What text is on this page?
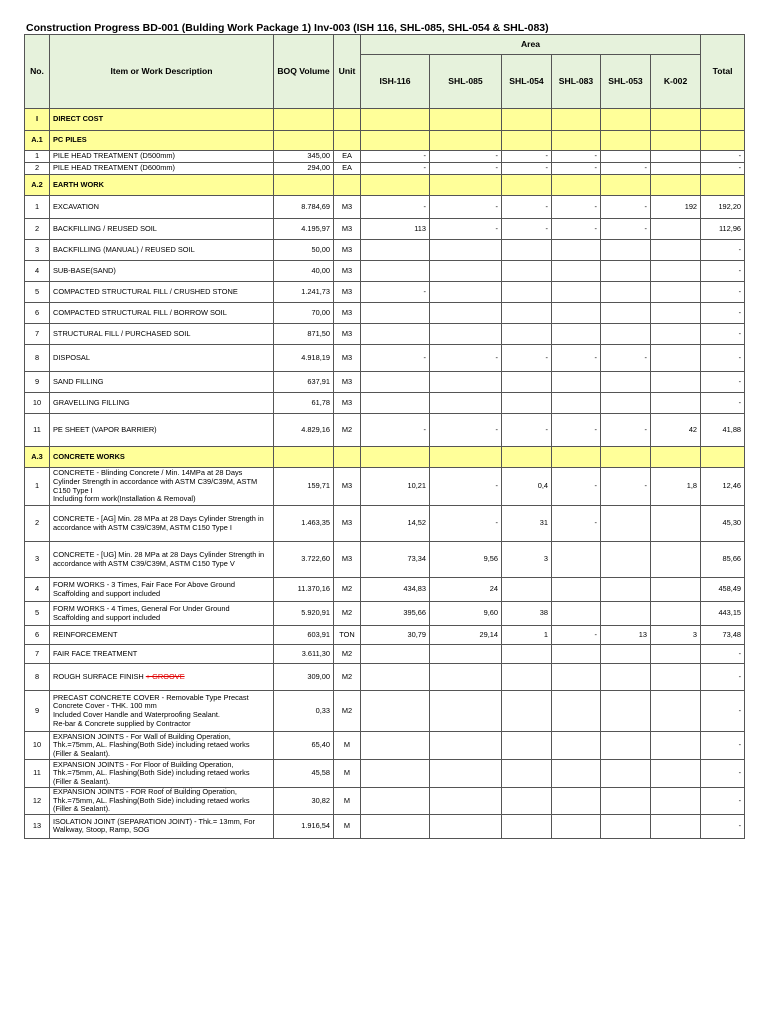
Construction Progress BD-001 (Bulding Work Package 1) Inv-003 (ISH 116, SHL-085, SHL-054 & SHL-083)
No.	Item or Work Description	BOQ Volume	Unit	Area						Total
				ISH-116	SHL-085	SHL-054	SHL-083	SHL-053	K-002	
I	DIRECT COST									
A.1	PC PILES									
1	PILE HEAD TREATMENT (D500mm)	345,00	EA	-	-	-	-			-
2	PILE HEAD TREATMENT (D600mm)	294,00	EA	-	-	-	-	-		-
A.2	EARTH WORK									
1	EXCAVATION	8.784,69	M3	-	-	-	-	-	192	192,20
2	BACKFILLING / REUSED SOIL	4.195,97	M3	113	-	-	-	-		112,96
3	BACKFILLING (MANUAL) / REUSED SOIL	50,00	M3							-
4	SUB-BASE(SAND)	40,00	M3							-
5	COMPACTED STRUCTURAL FILL / CRUSHED STONE	1.241,73	M3	-						-
6	COMPACTED STRUCTURAL FILL / BORROW SOIL	70,00	M3							-
7	STRUCTURAL FILL / PURCHASED SOIL	871,50	M3							-
8	DISPOSAL	4.918,19	M3	-	-	-	-	-		-
9	SAND FILLING	637,91	M3							-
10	GRAVELLING FILLING	61,78	M3							-
11	PE SHEET (VAPOR BARRIER)	4.829,16	M2	-	-	-	-	-	42	41,88
A.3	CONCRETE WORKS									
1	CONCRETE - Blinding Concrete / Min. 14MPa at 28 Days Cylinder Strength in accordance with ASTM C39/C39M, ASTM C150 Type I
Including form work(Installation & Removal)	159,71	M3	10,21	-	0,4	-	-	1,8	12,46
2	CONCRETE - [AG] Min. 28 MPa at 28 Days Cylinder Strength in accordance with ASTM C39/C39M, ASTM C150 Type I	1.463,35	M3	14,52	-	31	-			45,30
3	CONCRETE - [UG] Min. 28 MPa at 28 Days Cylinder Strength in accordance with ASTM C39/C39M, ASTM C150 Type V	3.722,60	M3	73,34	9,56	3				85,66
4	FORM WORKS - 3 Times, Fair Face For Above Ground
Scaffolding and support included	11.370,16	M2	434,83	24					458,49
5	FORM WORKS - 4 Times, General For Under Ground
Scaffolding and support included	5.920,91	M2	395,66	9,60	38				443,15
6	REINFORCEMENT	603,91	TON	30,79	29,14	1	-	13	3	73,48
7	FAIR FACE TREATMENT	3.611,30	M2							-
8	ROUGH SURFACE FINISH + GROOVE	309,00	M2							-
9	PRECAST CONCRETE COVER - Removable Type Precast Concrete Cover - THK. 100 mm
Included Cover Handle and Waterproofing Sealant.
Re-bar & Concrete supplied by Contractor	0,33	M2							-
10	EXPANSION JOINTS - For Wall of Building Operation, Thk.=75mm, AL. Flashing(Both Side) including retaed works (Filler & Sealant).	65,40	M							-
11	EXPANSION JOINTS - For Floor of Building Operation, Thk.=75mm, AL. Flashing(Both Side) including retaed works (Filler & Sealant).	45,58	M							-
12	EXPANSION JOINTS - FOR Roof of Building Operation, Thk.=75mm, AL. Flashing(Both Side) including retaed works (Filler & Sealant).	30,82	M							-
13	ISOLATION JOINT (SEPARATION JOINT) - Thk.= 13mm, For Walkway, Stoop, Ramp, SOG	1.916,54	M							-
